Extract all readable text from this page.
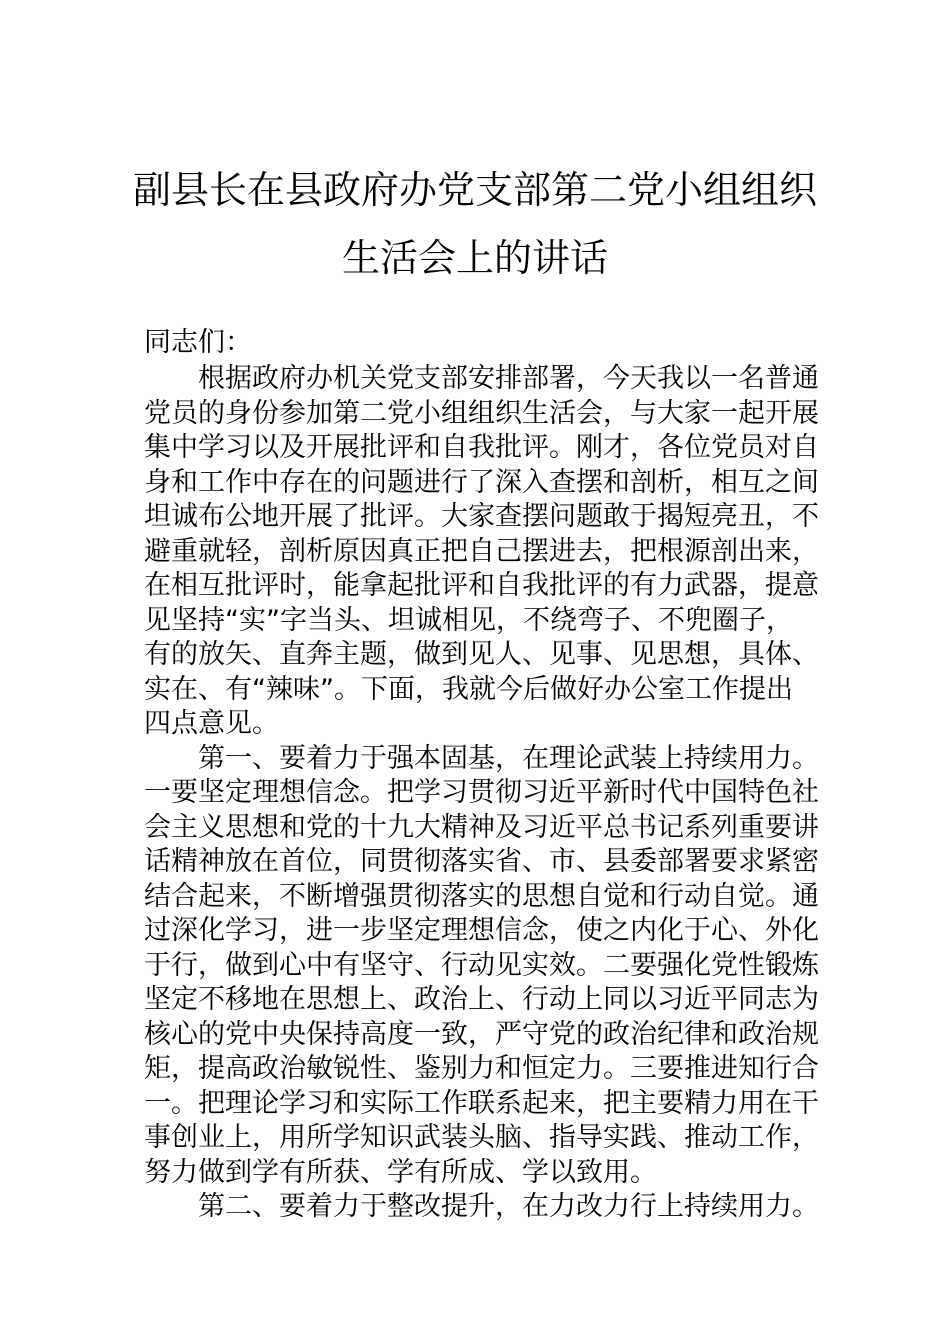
副县长在县政府办党支部第二党小组组织
生活会上的讲话
同志们：
根据政府办机关党支部安排部署，今天我以一名普通
党员的身份参加第二党小组组织生活会，与大家一起开展
集中学习以及开展批评和自我批评。刚才，各位党员对自
身和工作中存在的问题进行了深入查摆和剖析，相互之间
坦诚布公地开展了批评。大家查摆问题敢于揭短亮丑，不
避重就轻，剖析原因真正把自己摆进去，把根源剖出来，
在相互批评时，能拿起批评和自我批评的有力武器，提意
见坚持“实”字当头、坦诚相见，不绕弯子、不兜圈子，
有的放矢、直奔主题，做到见人、见事、见思想，具体、
实在、有“辣味”。下面，我就今后做好办公室工作提出
四点意见。
第一、要着力于强本固基，在理论武装上持续用力。
一要坚定理想信念。把学习贯彻习近平新时代中国特色社
会主义思想和党的十九大精神及习近平总书记系列重要讲
话精神放在首位，同贯彻落实省、市、县委部署要求紧密
结合起来，不断增强贯彻落实的思想自觉和行动自觉。通
过深化学习，进一步坚定理想信念，使之内化于心、外化
于行，做到心中有坚守、行动见实效。二要强化党性锻炼
坚定不移地在思想上、政治上、行动上同以习近平同志为
核心的党中央保持高度一致，严守党的政治纪律和政治规
矩，提高政治敏锐性、鉴别力和恒定力。三要推进知行合
一。把理论学习和实际工作联系起来，把主要精力用在干
事创业上，用所学知识武装头脑、指导实践、推动工作，
努力做到学有所获、学有所成、学以致用。
第二、要着力于整改提升，在力改力行上持续用力。
